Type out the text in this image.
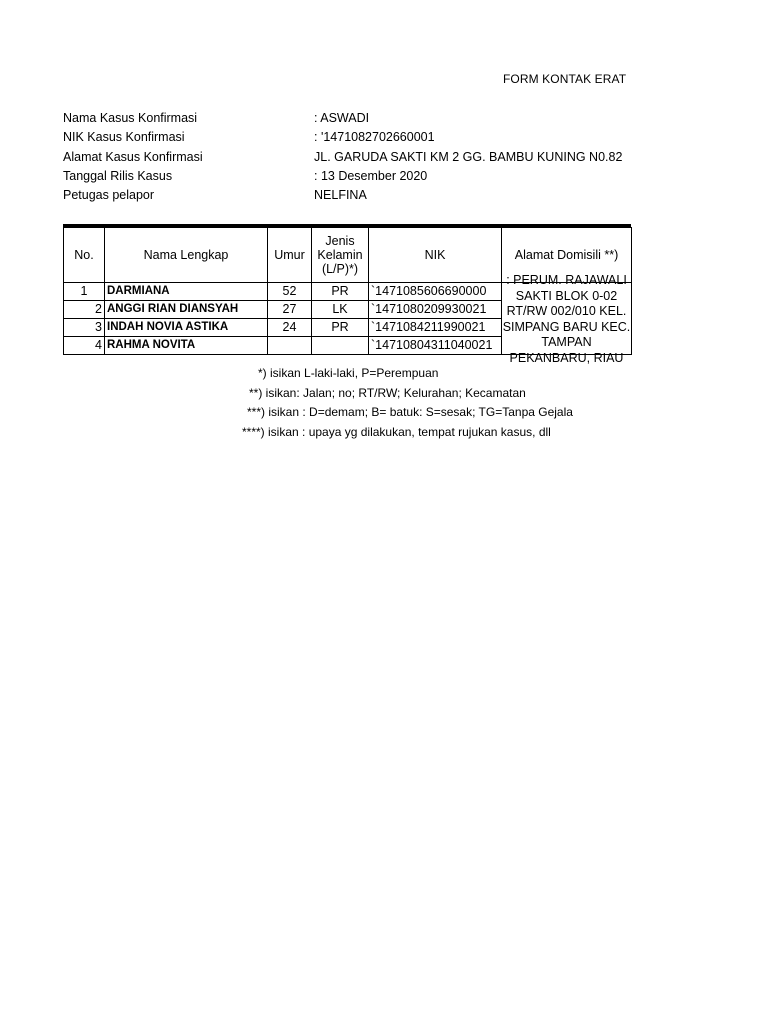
FORM KONTAK ERAT
Nama Kasus Konfirmasi	: ASWADI
NIK Kasus Konfirmasi	: '1471082702660001
Alamat Kasus Konfirmasi	JL. GARUDA SAKTI KM 2 GG. BAMBU KUNING N0.82
Tanggal Rilis Kasus	: 13 Desember 2020
Petugas pelapor	NELFINA
No.	Nama Lengkap	Umur	Jenis Kelamin (L/P)*)	NIK	Alamat Domisili **)
1	DARMIANA	52	PR	`1471085606690000	: PERUM. RAJAWALI SAKTI BLOK 0-02 RT/RW 002/010 KEL. SIMPANG BARU KEC. TAMPAN PEKANBARU, RIAU

2	ANGGI RIAN DIANSYAH	27	LK	`1471080209930021	
3	INDAH NOVIA ASTIKA	24	PR	`1471084211990021	
4	RAHMA NOVITA			`14710804311040021	
*) isikan L-laki-laki, P=Perempuan
**) isikan: Jalan; no; RT/RW; Kelurahan; Kecamatan
***) isikan : D=demam; B= batuk: S=sesak; TG=Tanpa Gejala
****) isikan : upaya yg dilakukan, tempat rujukan kasus, dll
